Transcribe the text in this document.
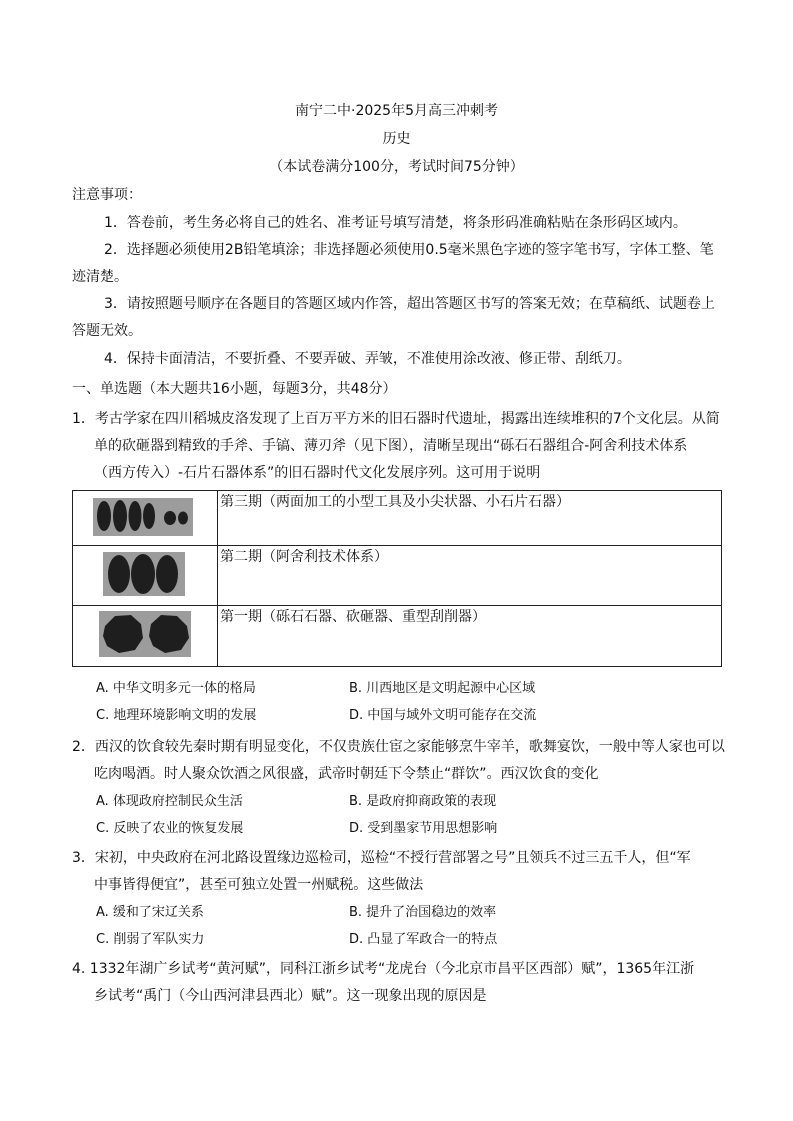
南宁二中·2025年5月高三冲刺考
历史
（本试卷满分100分，考试时间75分钟）
注意事项：
1．答卷前，考生务必将自己的姓名、准考证号填写清楚，将条形码准确粘贴在条形码区域内。
2．选择题必须使用2B铅笔填涂；非选择题必须使用0.5毫米黑色字迹的签字笔书写，字体工整、笔
迹清楚。
3．请按照题号顺序在各题目的答题区域内作答，超出答题区书写的答案无效；在草稿纸、试题卷上
答题无效。
4．保持卡面清洁，不要折叠、不要弄破、弄皱，不准使用涂改液、修正带、刮纸刀。
一、单选题（本大题共16小题，每题3分，共48分）
1．考古学家在四川稻城皮洛发现了上百万平方米的旧石器时代遗址，揭露出连续堆积的7个文化层。从简
单的砍砸器到精致的手斧、手镐、薄刃斧（见下图），清晰呈现出“砾石石器组合-阿舍利技术体系
（西方传入）-石片石器体系”的旧石器时代文化发展序列。这可用于说明
	第三期（两面加工的小型工具及小尖状器、小石片石器）
	第二期（阿舍利技术体系）
	第一期（砾石石器、砍砸器、重型刮削器）
A. 中华文明多元一体的格局	B. 川西地区是文明起源中心区域
C. 地理环境影响文明的发展	D. 中国与域外文明可能存在交流
2．西汉的饮食较先秦时期有明显变化，不仅贵族仕宦之家能够烹牛宰羊，歌舞宴饮，一般中等人家也可以
吃肉喝酒。时人聚众饮酒之风很盛，武帝时朝廷下令禁止“群饮”。西汉饮食的变化
A. 体现政府控制民众生活	B. 是政府抑商政策的表现
C. 反映了农业的恢复发展	D. 受到墨家节用思想影响
3．宋初，中央政府在河北路设置缘边巡检司，巡检“不授行营部署之号”且领兵不过三五千人，但“军
中事皆得便宜”，甚至可独立处置一州赋税。这些做法
A. 缓和了宋辽关系	B. 提升了治国稳边的效率
C. 削弱了军队实力	D. 凸显了军政合一的特点
4. 1332年湖广乡试考“黄河赋”，同科江浙乡试考“龙虎台（今北京市昌平区西部）赋”，1365年江浙
乡试考“禹门（今山西河津县西北）赋”。这一现象出现的原因是
